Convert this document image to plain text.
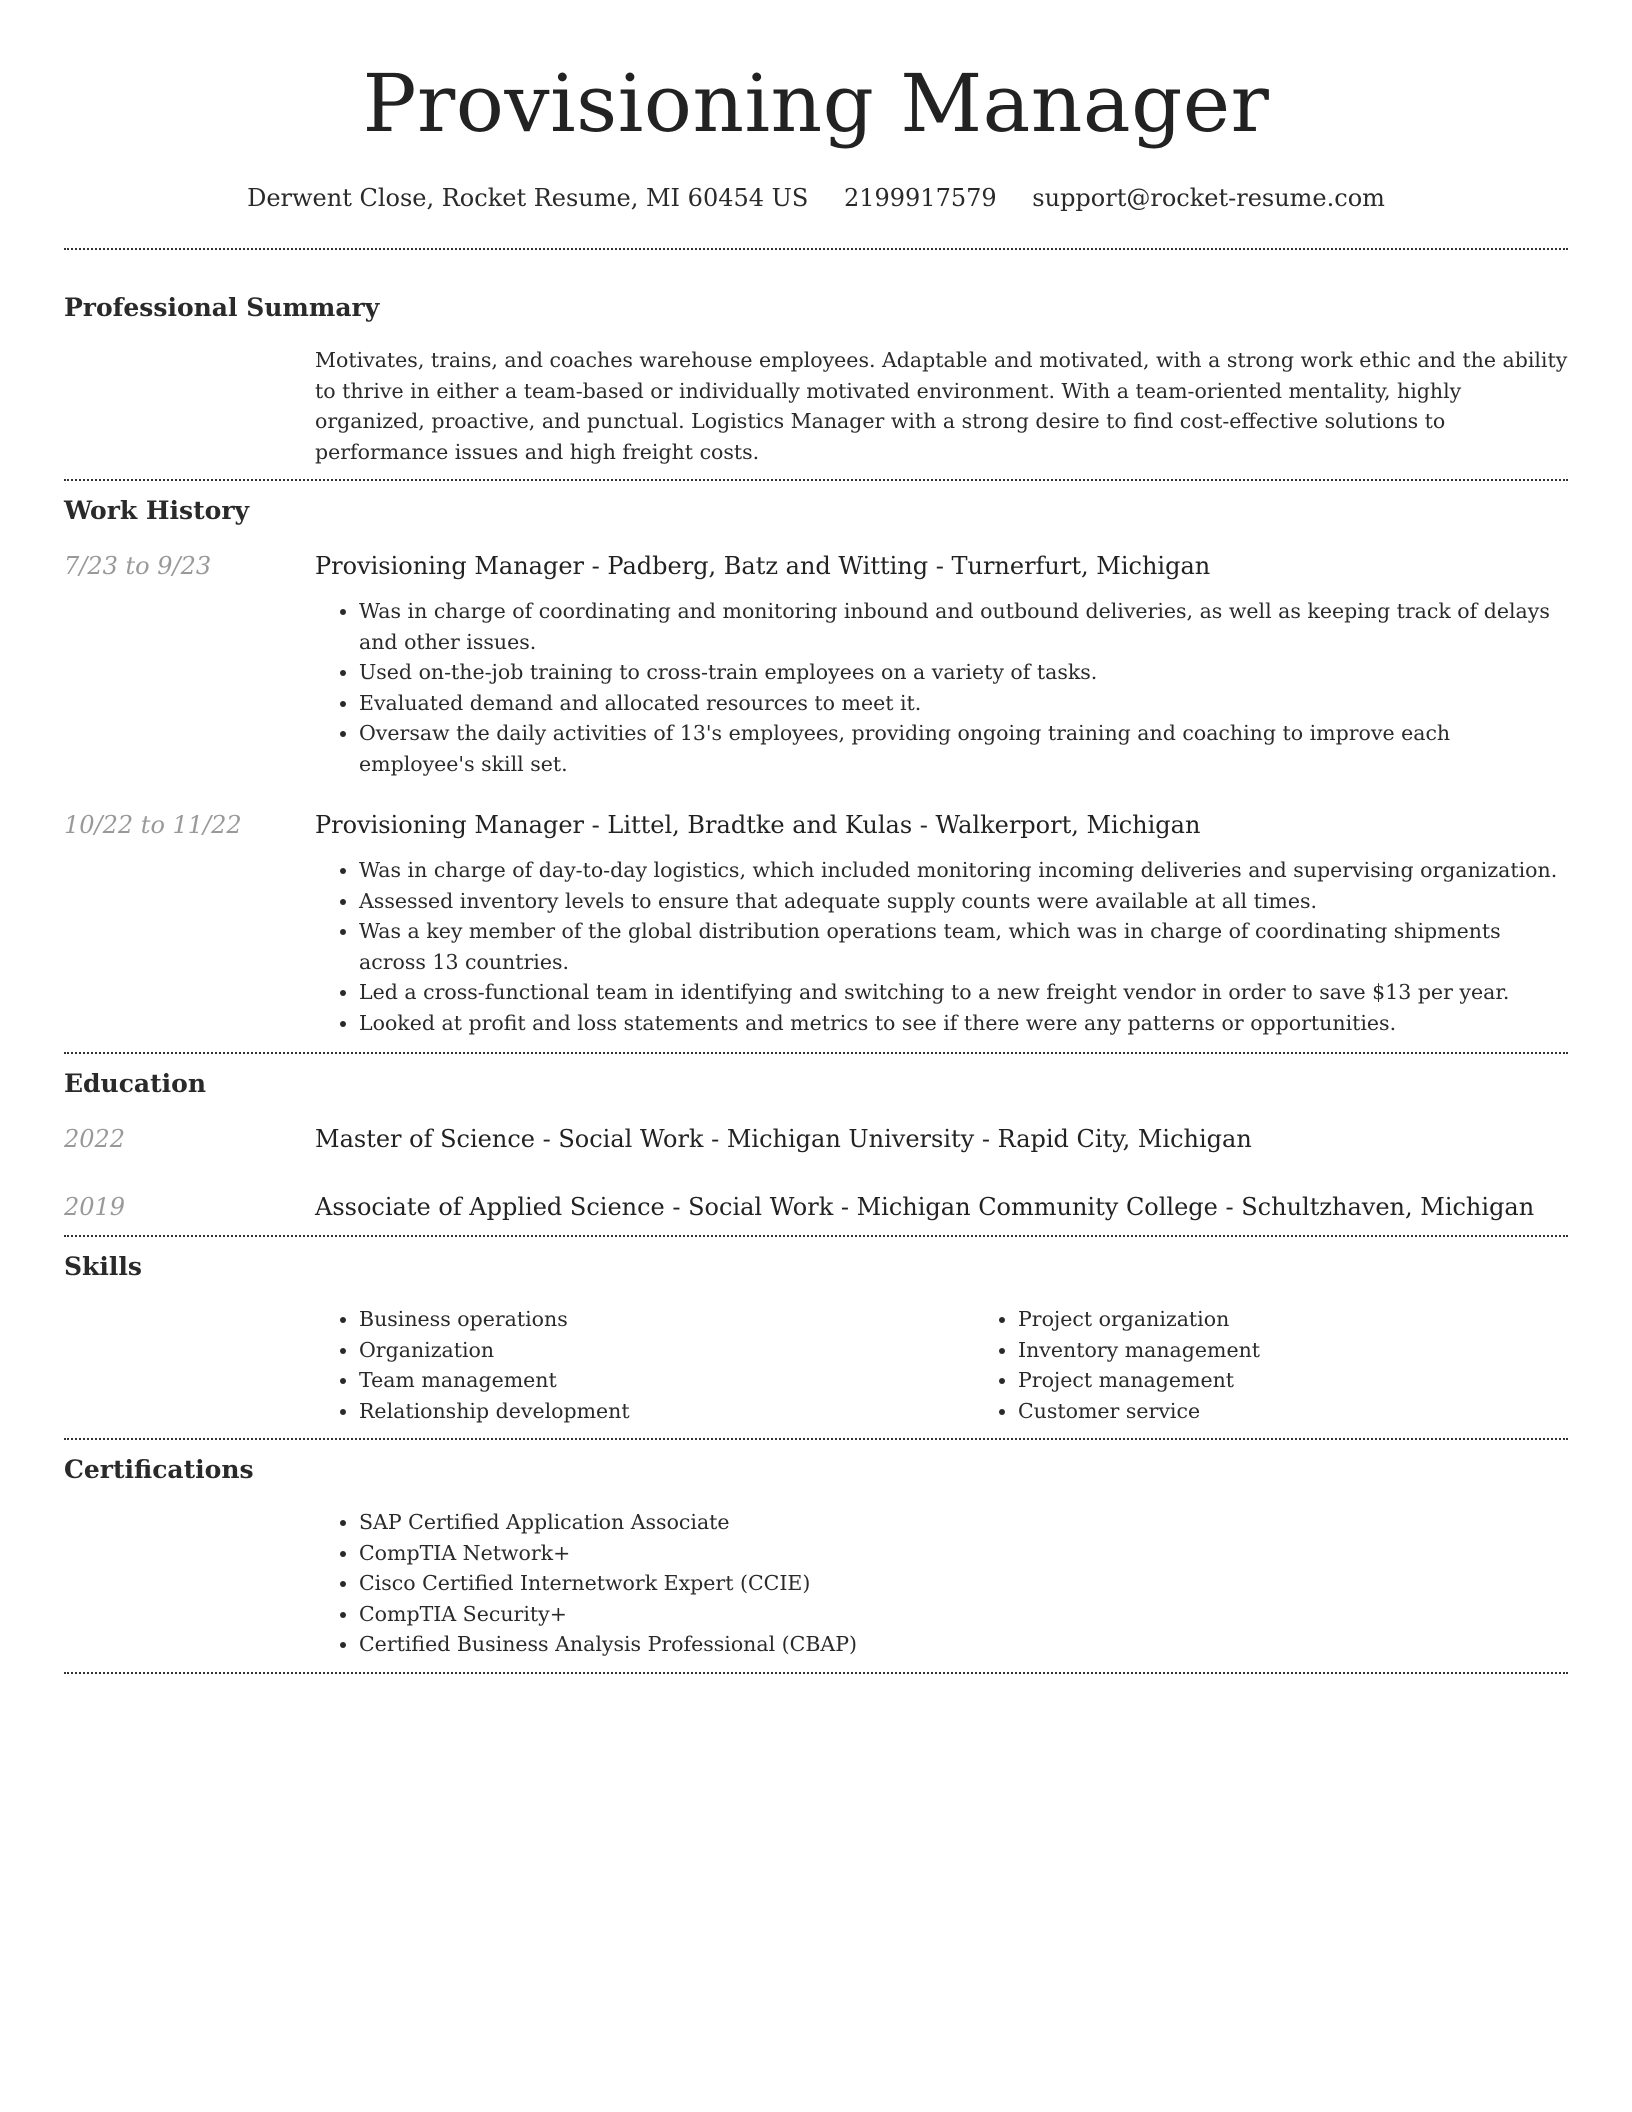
Provisioning Manager
Derwent Close, Rocket Resume, MI 60454 US 2199917579 support@rocket-resume.com
Professional Summary
Motivates, trains, and coaches warehouse employees. Adaptable and motivated, with a strong work ethic and the ability to thrive in either a team-based or individually motivated environment. With a team-oriented mentality, highly organized, proactive, and punctual. Logistics Manager with a strong desire to find cost-effective solutions to performance issues and high freight costs.
Work History
7/23 to 9/23	Provisioning Manager - Padberg, Batz and Witting - Turnerfurt, Michigan
• Was in charge of coordinating and monitoring inbound and outbound deliveries, as well as keeping track of delays and other issues.
• Used on-the-job training to cross-train employees on a variety of tasks.
• Evaluated demand and allocated resources to meet it.
• Oversaw the daily activities of 13's employees, providing ongoing training and coaching to improve each employee's skill set.
10/22 to 11/22	Provisioning Manager - Littel, Bradtke and Kulas - Walkerport, Michigan
• Was in charge of day-to-day logistics, which included monitoring incoming deliveries and supervising organization.
• Assessed inventory levels to ensure that adequate supply counts were available at all times.
• Was a key member of the global distribution operations team, which was in charge of coordinating shipments across 13 countries.
• Led a cross-functional team in identifying and switching to a new freight vendor in order to save $13 per year.
• Looked at profit and loss statements and metrics to see if there were any patterns or opportunities.
Education
2022	Master of Science - Social Work - Michigan University - Rapid City, Michigan
2019	Associate of Applied Science - Social Work - Michigan Community College - Schultzhaven, Michigan
Skills
• Business operations
• Organization
• Team management
• Relationship development
• Project organization
• Inventory management
• Project management
• Customer service
Certifications
• SAP Certified Application Associate
• CompTIA Network+
• Cisco Certified Internetwork Expert (CCIE)
• CompTIA Security+
• Certified Business Analysis Professional (CBAP)
